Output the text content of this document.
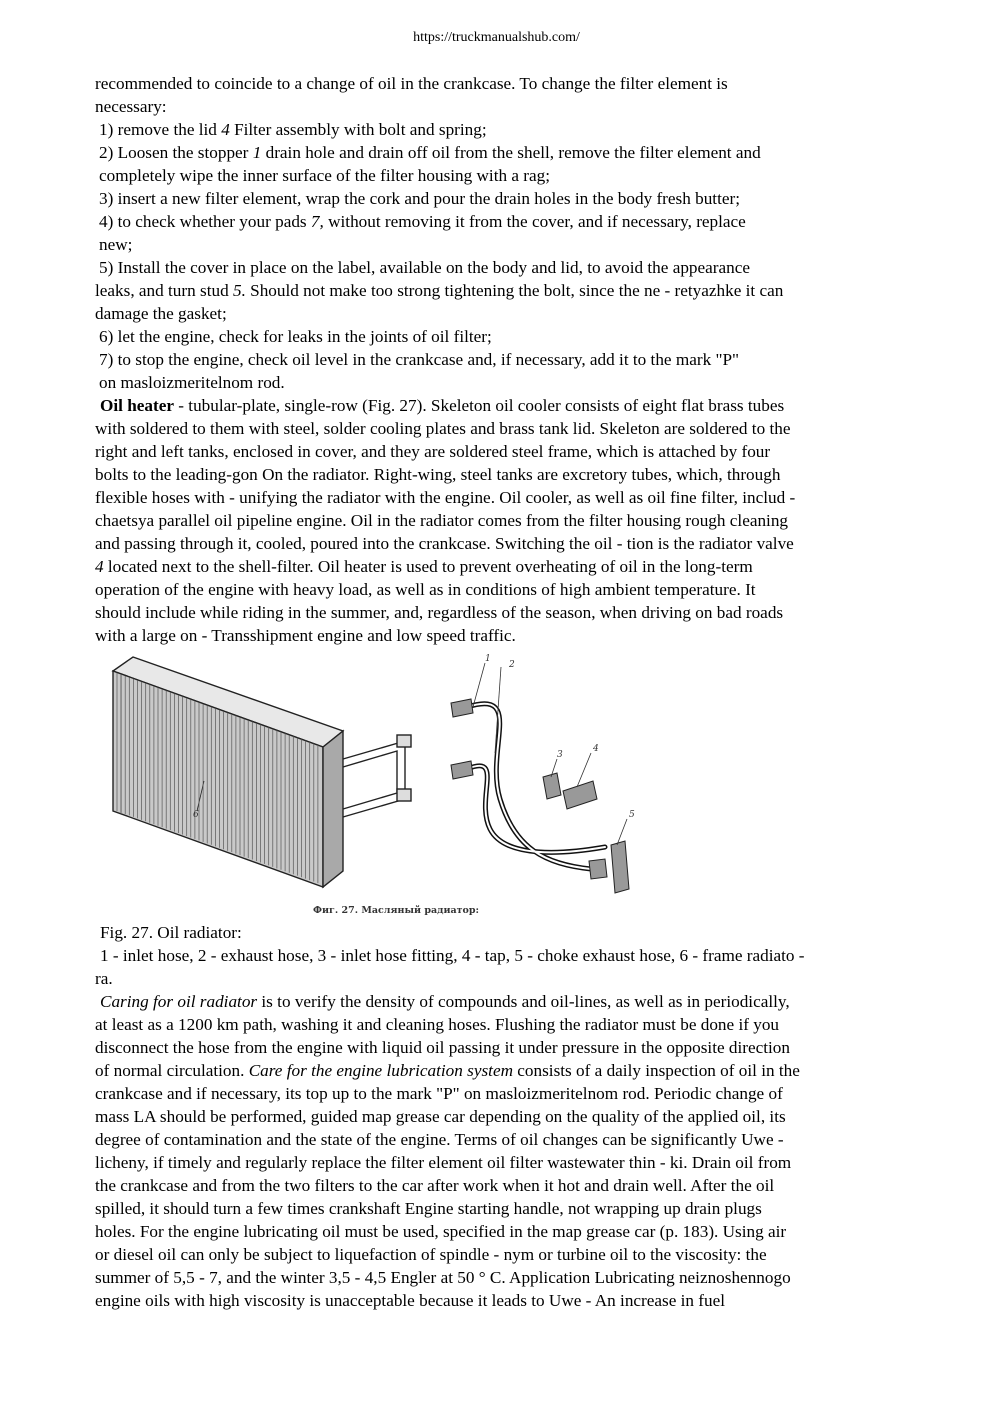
https://truckmanualshub.com/
recommended to coincide to a change of oil in the crankcase. To change the filter element is
necessary:
1) remove the lid 4 Filter assembly with bolt and spring;
2) Loosen the stopper 1 drain hole and drain off oil from the shell, remove the filter element and
completely wipe the inner surface of the filter housing with a rag;
3) insert a new filter element, wrap the cork and pour the drain holes in the body fresh butter;
4) to check whether your pads 7, without removing it from the cover, and if necessary, replace
new;
5) Install the cover in place on the label, available on the body and lid, to avoid the appearance
leaks, and turn stud 5. Should not make too strong tightening the bolt, since the ne - retyazhke it can
damage the gasket;
6) let the engine, check for leaks in the joints of oil filter;
7) to stop the engine, check oil level in the crankcase and, if necessary, add it to the mark "P"
on masloizmeritelnom rod.
Oil heater - tubular-plate, single-row (Fig. 27). Skeleton oil cooler consists of eight flat brass tubes
with soldered to them with steel, solder cooling plates and brass tank lid. Skeleton are soldered to the
right and left tanks, enclosed in cover, and they are soldered steel frame, which is attached by four
bolts to the leading-gon On the radiator. Right-wing, steel tanks are excretory tubes, which, through
flexible hoses with - unifying the radiator with the engine. Oil cooler, as well as oil fine filter, includ -
chaetsya parallel oil pipeline engine. Oil in the radiator comes from the filter housing rough cleaning
and passing through it, cooled, poured into the crankcase. Switching the oil - tion is the radiator valve
4 located next to the shell-filter. Oil heater is used to prevent overheating of oil in the long-term
operation of the engine with heavy load, as well as in conditions of high ambient temperature. It
should include while riding in the summer, and, regardless of the season, when driving on bad roads
with a large on - Transshipment engine and low speed traffic.
1
2
3
4
5
6
Фиг. 27. Масляный радиатор:
Fig. 27. Oil radiator:
1 - inlet hose, 2 - exhaust hose, 3 - inlet hose fitting, 4 - tap, 5 - choke exhaust hose, 6 - frame radiato -
ra.
Caring for oil radiator is to verify the density of compounds and oil-lines, as well as in periodically,
at least as a 1200 km path, washing it and cleaning hoses. Flushing the radiator must be done if you
disconnect the hose from the engine with liquid oil passing it under pressure in the opposite direction
of normal circulation. Care for the engine lubrication system consists of a daily inspection of oil in the
crankcase and if necessary, its top up to the mark "P" on masloizmeritelnom rod. Periodic change of
mass LA should be performed, guided map grease car depending on the quality of the applied oil, its
degree of contamination and the state of the engine. Terms of oil changes can be significantly Uwe -
licheny, if timely and regularly replace the filter element oil filter wastewater thin - ki. Drain oil from
the crankcase and from the two filters to the car after work when it hot and drain well. After the oil
spilled, it should turn a few times crankshaft Engine starting handle, not wrapping up drain plugs
holes. For the engine lubricating oil must be used, specified in the map grease car (p. 183). Using air
or diesel oil can only be subject to liquefaction of spindle - nym or turbine oil to the viscosity: the
summer of 5,5 - 7, and the winter 3,5 - 4,5 Engler at 50 ° C. Application Lubricating neiznoshennogo
engine oils with high viscosity is unacceptable because it leads to Uwe - An increase in fuel
